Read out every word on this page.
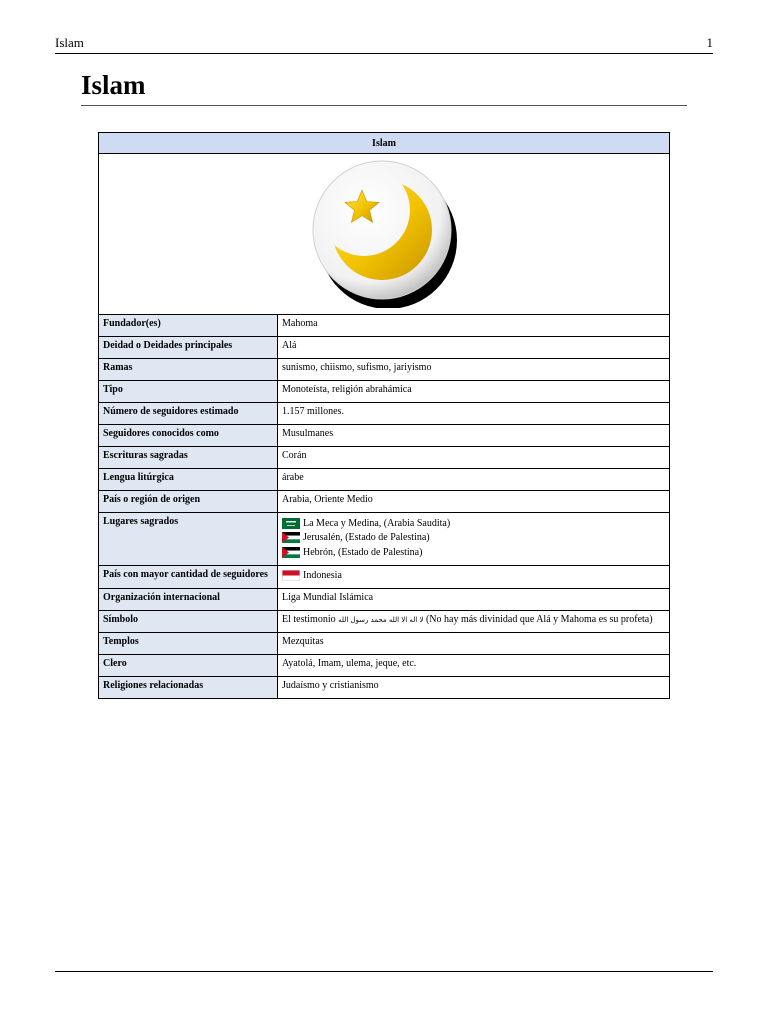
Islam	1
Islam
Islam	

Fundador(es)	Mahoma
Deidad o Deidades principales	Alá
Ramas	sunismo, chiismo, sufismo, jariyismo
Tipo	Monoteísta, religión abrahámica
Número de seguidores estimado	1.157 millones.
Seguidores conocidos como	Musulmanes
Escrituras sagradas	Corán
Lengua litúrgica	árabe
País o región de origen	Arabia, Oriente Medio
Lugares sagrados	La Meca y Medina, (Arabia Saudita)
Jerusalén, (Estado de Palestina)
Hebrón, (Estado de Palestina)

País con mayor cantidad de seguidores	Indonesia

Organización internacional	Liga Mundial Islámica
Símbolo	El testimonio لا اله الا الله محمد رسول الله (No hay más divinidad que Alá y Mahoma es su profeta)
Templos	Mezquitas
Clero	Ayatolá, Imam, ulema, jeque, etc.
Religiones relacionadas	Judaísmo y cristianismo
